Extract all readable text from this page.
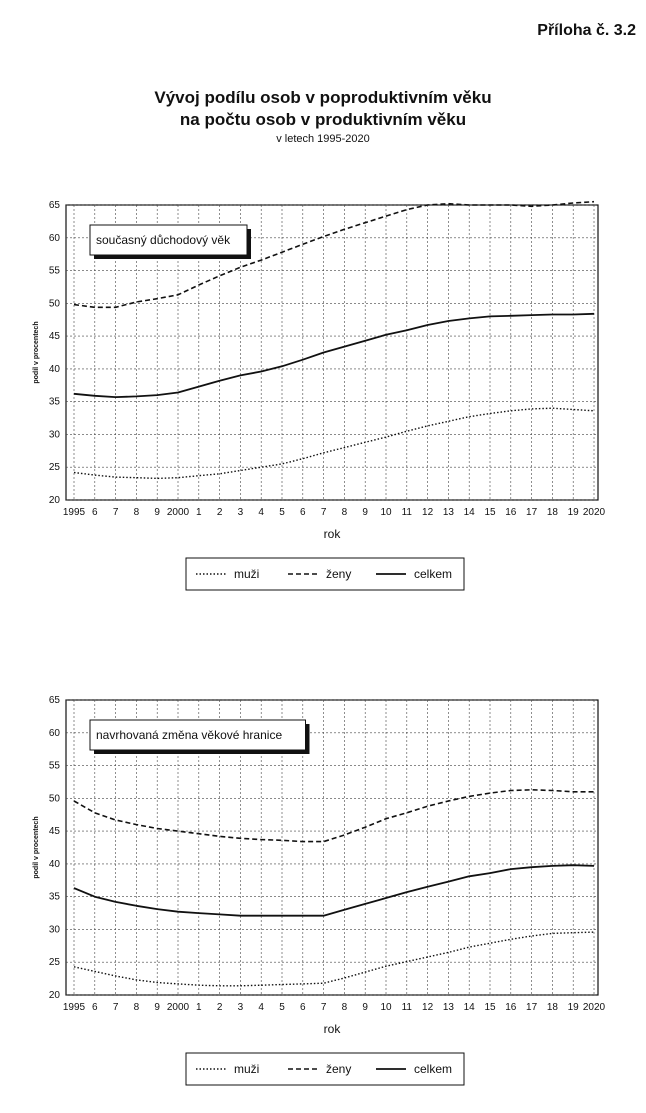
Příloha č. 3.2
Vývoj podílu osob v poproduktivním věku
na počtu osob v produktivním věku
v letech 1995-2020
20
25
30
35
40
45
50
55
60
65
1995 6 7 8 9 2000 1 2 3 4 5 6 7 8 9 10 11 12 13 14 15 16 17 18 19 2020
rok
podíl v procentech
současný důchodový věk
muži	ženy	celkem
20
25
30
35
40
45
50
55
60
65
1995 6 7 8 9 2000 1 2 3 4 5 6 7 8 9 10 11 12 13 14 15 16 17 18 19 2020
rok
podíl v procentech
navrhovaná změna věkové hranice
muži	ženy	celkem
